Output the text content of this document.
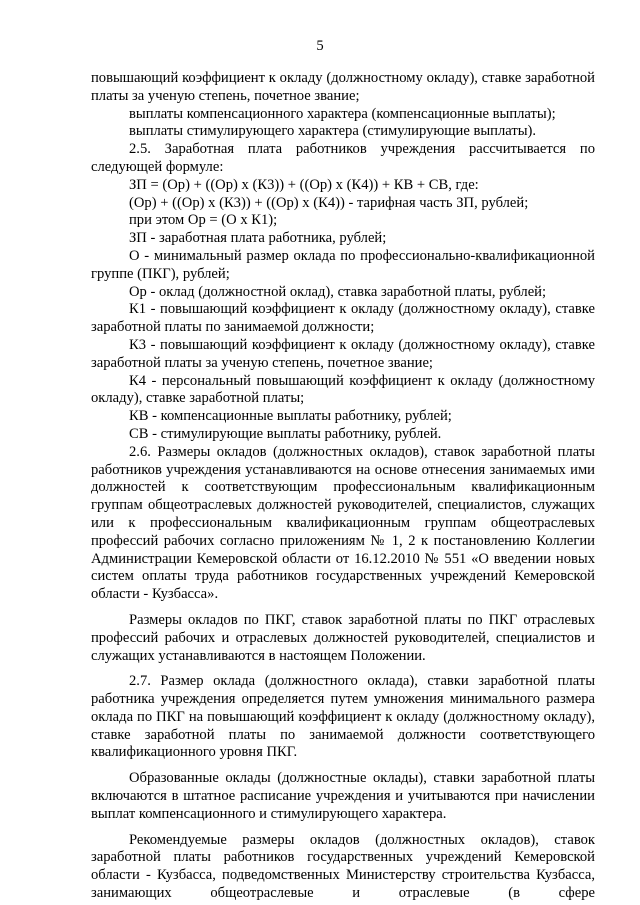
5

повышающий коэффициент к окладу (должностному окладу), ставке заработной платы за ученую степень, почетное звание;

выплаты компенсационного характера (компенсационные выплаты);

выплаты стимулирующего характера (стимулирующие выплаты).

2.5. Заработная плата работников учреждения рассчитывается по следующей формуле:

ЗП = (Ор) + ((Ор) х (К3)) + ((Ор) х (К4)) + КВ + СВ, где:

(Ор) + ((Ор) х (К3)) + ((Ор) х (К4)) - тарифная часть ЗП, рублей;

при этом Ор = (О х К1);

ЗП - заработная плата работника, рублей;

О - минимальный размер оклада по профессионально-квалификационной группе (ПКГ), рублей;

Ор - оклад (должностной оклад), ставка заработной платы, рублей;

К1 - повышающий коэффициент к окладу (должностному окладу), ставке заработной платы по занимаемой должности;

К3 - повышающий коэффициент к окладу (должностному окладу), ставке заработной платы за ученую степень, почетное звание;

К4 - персональный повышающий коэффициент к окладу (должностному окладу), ставке заработной платы;

КВ - компенсационные выплаты работнику, рублей;

СВ - стимулирующие выплаты работнику, рублей.

2.6. Размеры окладов (должностных окладов), ставок заработной платы работников учреждения устанавливаются на основе отнесения занимаемых ими должностей к соответствующим профессиональным квалификационным группам общеотраслевых должностей руководителей, специалистов, служащих или к профессиональным квалификационным группам общеотраслевых профессий рабочих согласно приложениям № 1, 2 к постановлению Коллегии Администрации Кемеровской области от 16.12.2010 № 551 «О введении новых систем оплаты труда работников государственных учреждений Кемеровской области - Кузбасса».

Размеры окладов по ПКГ, ставок заработной платы по ПКГ отраслевых профессий рабочих и отраслевых должностей руководителей, специалистов и служащих устанавливаются в настоящем Положении.

2.7. Размер оклада (должностного оклада), ставки заработной платы работника учреждения определяется путем умножения минимального размера оклада по ПКГ на повышающий коэффициент к окладу (должностному окладу), ставке заработной платы по занимаемой должности соответствующего квалификационного уровня ПКГ.

Образованные оклады (должностные оклады), ставки заработной платы включаются в штатное расписание учреждения и учитываются при начислении выплат компенсационного и стимулирующего характера.

Рекомендуемые размеры окладов (должностных окладов), ставок заработной платы работников государственных учреждений Кемеровской области - Кузбасса, подведомственных Министерству строительства Кузбасса, занимающих общеотраслевые и отраслевые (в сфере
